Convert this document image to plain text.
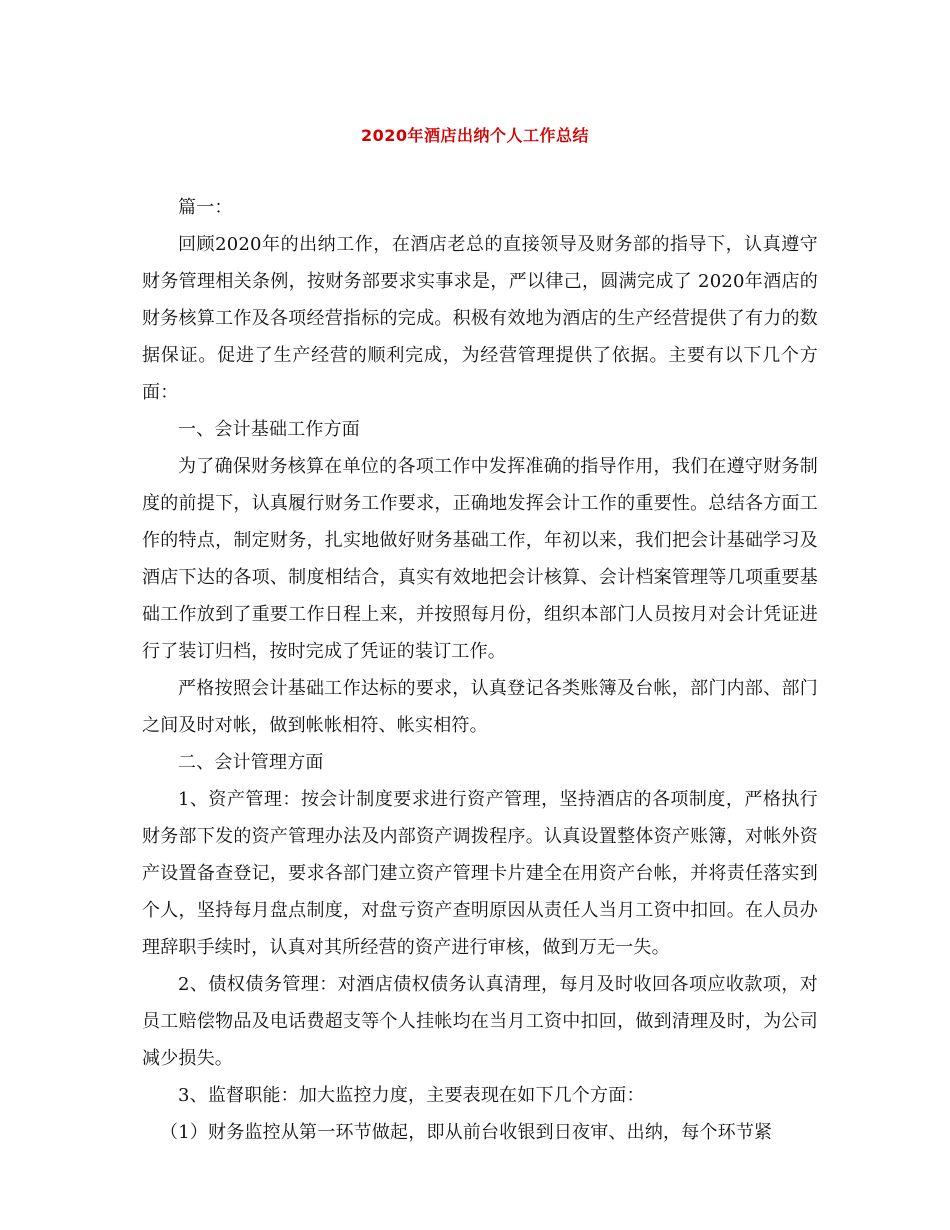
2020年酒店出纳个人工作总结

篇一：

回顾2020年的出纳工作，在酒店老总的直接领导及财务部的指导下，认真遵守财务管理相关条例，按财务部要求实事求是，严以律己，圆满完成了 2020年酒店的财务核算工作及各项经营指标的完成。积极有效地为酒店的生产经营提供了有力的数据保证。促进了生产经营的顺利完成，为经营管理提供了依据。主要有以下几个方面：

一、会计基础工作方面

为了确保财务核算在单位的各项工作中发挥准确的指导作用，我们在遵守财务制度的前提下，认真履行财务工作要求，正确地发挥会计工作的重要性。总结各方面工作的特点，制定财务，扎实地做好财务基础工作，年初以来，我们把会计基础学习及酒店下达的各项、制度相结合，真实有效地把会计核算、会计档案管理等几项重要基础工作放到了重要工作日程上来，并按照每月份，组织本部门人员按月对会计凭证进行了装订归档，按时完成了凭证的装订工作。

严格按照会计基础工作达标的要求，认真登记各类账簿及台帐，部门内部、部门之间及时对帐，做到帐帐相符、帐实相符。

二、会计管理方面

1、资产管理：按会计制度要求进行资产管理，坚持酒店的各项制度，严格执行财务部下发的资产管理办法及内部资产调拨程序。认真设置整体资产账簿，对帐外资产设置备查登记，要求各部门建立资产管理卡片建全在用资产台帐，并将责任落实到个人，坚持每月盘点制度，对盘亏资产查明原因从责任人当月工资中扣回。在人员办理辞职手续时，认真对其所经营的资产进行审核，做到万无一失。

2、债权债务管理：对酒店债权债务认真清理，每月及时收回各项应收款项，对员工赔偿物品及电话费超支等个人挂帐均在当月工资中扣回，做到清理及时，为公司减少损失。

3、监督职能：加大监控力度，主要表现在如下几个方面：

（1）财务监控从第一环节做起，即从前台收银到日夜审、出纳，每个环节紧
